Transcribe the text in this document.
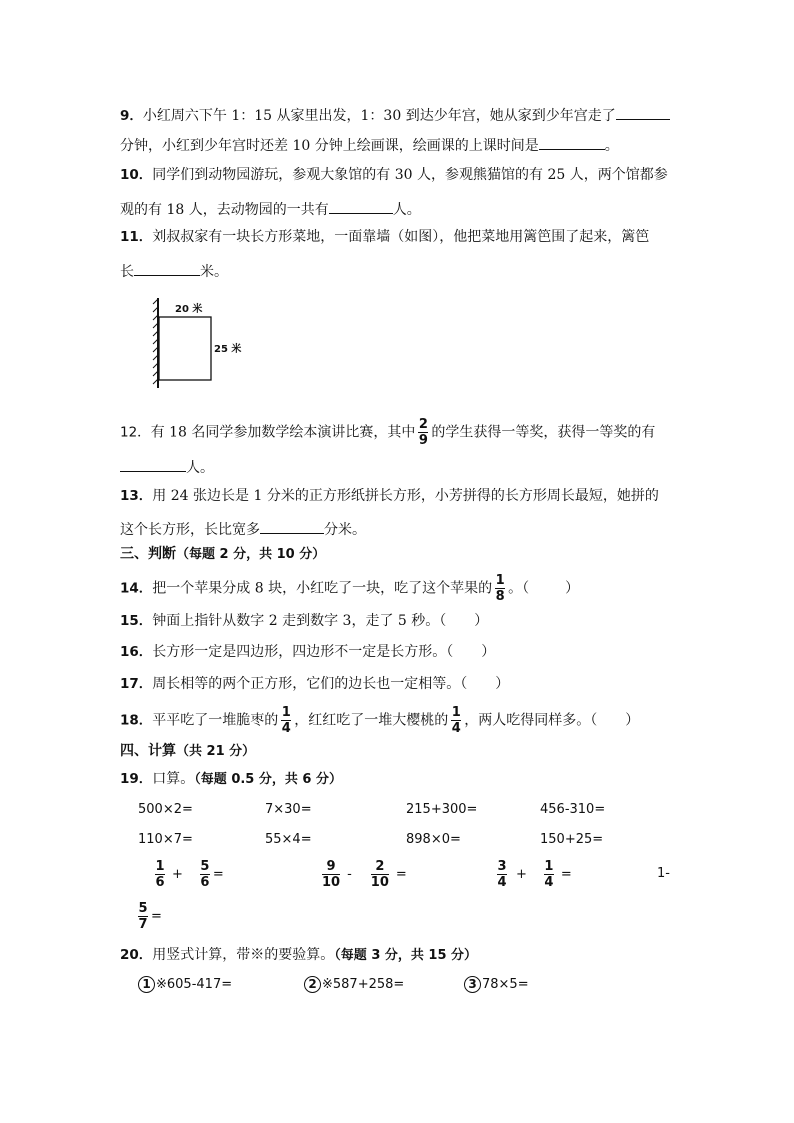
9．小红周六下午 1：15 从家里出发，1：30 到达少年宫，她从家到少年宫走了
分钟，小红到少年宫时还差 10 分钟上绘画课，绘画课的上课时间是	。
10．同学们到动物园游玩，参观大象馆的有 30 人，参观熊猫馆的有 25 人，两个馆都参
观的有 18 人，去动物园的一共有	人。
11．刘叔叔家有一块长方形菜地，一面靠墙（如图），他把菜地用篱笆围了起来，篱笆
长	米。
20 米
25 米
12．有 18 名同学参加数学绘本演讲比赛，其中 $\frac{2}{9}$ 的学生获得一等奖，获得一等奖的有
人。
13．用 24 张边长是 1 分米的正方形纸拼长方形，小芳拼得的长方形周长最短，她拼的
这个长方形，长比宽多	分米。
三、判断（每题 2 分，共 10 分）
14．把一个苹果分成 8 块，小红吃了一块，吃了这个苹果的 $\frac{1}{8}$ 。（	）
15．钟面上指针从数字 2 走到数字 3，走了 5 秒。（ ）
16．长方形一定是四边形，四边形不一定是长方形。（ ）
17．周长相等的两个正方形，它们的边长也一定相等。（ ）
18．平平吃了一堆脆枣的 $\frac{1}{4}$ ，红红吃了一堆大樱桃的 $\frac{1}{4}$ ，两人吃得同样多。（ ）
四、计算（共 21 分）
19．口算。（每题 0.5 分，共 6 分）
500×2=	7×30=	215+300=	456-310=
110×7=	55×4=	898×0=	150+25=
$\frac{1}{6} + \frac{5}{6}$ =	$\frac{9}{10} - \frac{2}{10}$ =	$\frac{3}{4} + \frac{1}{4}$ =	1-
$\frac{5}{7}$ =
20．用竖式计算，带※的要验算。（每题 3 分，共 15 分）
1 ※605-417=	2 ※587+258=	3 78×5=
